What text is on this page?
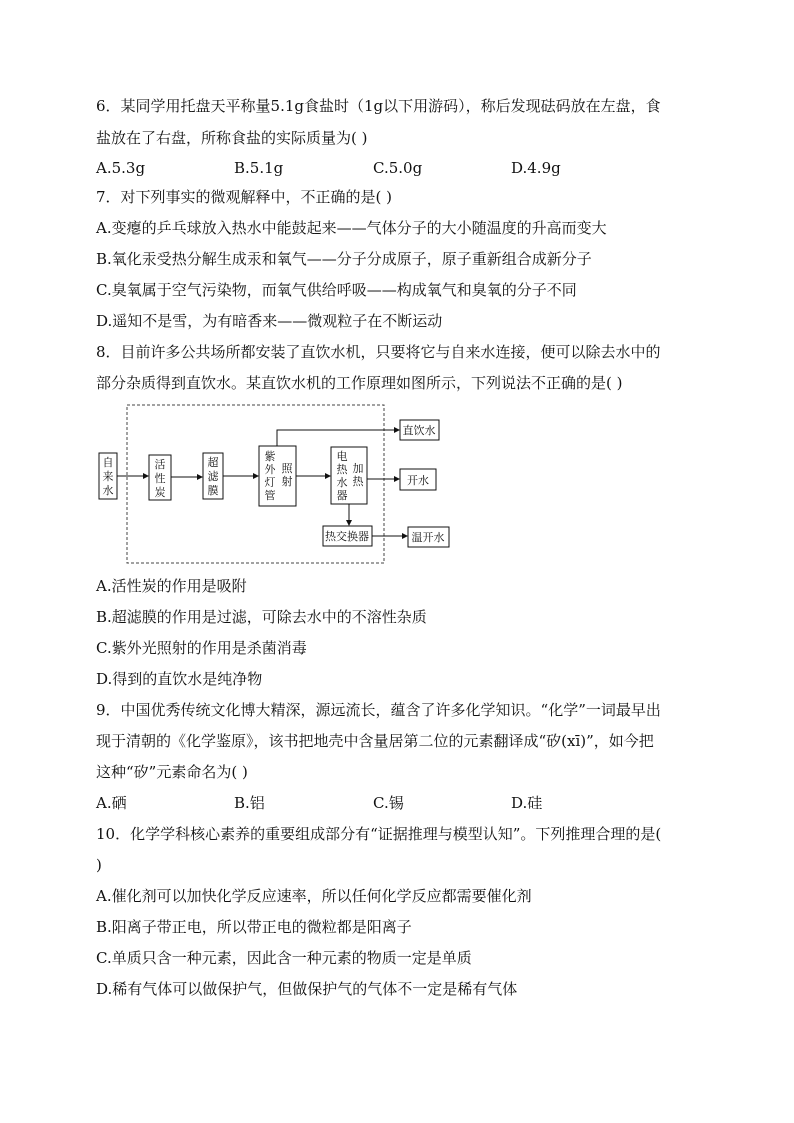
6．某同学用托盘天平称量5.1g食盐时（1g以下用游码），称后发现砝码放在左盘，食
盐放在了右盘，所称食盐的实际质量为( )
A.5.3g	B.5.1g	C.5.0g	D.4.9g
7．对下列事实的微观解释中，不正确的是( )
A.变瘪的乒乓球放入热水中能鼓起来——气体分子的大小随温度的升高而变大
B.氧化汞受热分解生成汞和氧气——分子分成原子，原子重新组合成新分子
C.臭氧属于空气污染物，而氧气供给呼吸——构成氧气和臭氧的分子不同
D.遥知不是雪，为有暗香来——微观粒子在不断运动
8．目前许多公共场所都安装了直饮水机，只要将它与自来水连接，便可以除去水中的
部分杂质得到直饮水。某直饮水机的工作原理如图所示，下列说法不正确的是( )
自
来
水
活
性
炭
超
滤
膜
紫
外
灯
管
照
射
电
热
水
器
加
热
直饮水
开水
热交换器	温开水
A.活性炭的作用是吸附
B.超滤膜的作用是过滤，可除去水中的不溶性杂质
C.紫外光照射的作用是杀菌消毒
D.得到的直饮水是纯净物
9．中国优秀传统文化博大精深，源远流长，蕴含了许多化学知识。“化学”一词最早出
现于清朝的《化学鉴原》，该书把地壳中含量居第二位的元素翻译成“矽(xī)”，如今把
这种“矽”元素命名为( )
A.硒	B.铝	C.锡	D.硅
10．化学学科核心素养的重要组成部分有“证据推理与模型认知”。下列推理合理的是(
)
A.催化剂可以加快化学反应速率，所以任何化学反应都需要催化剂
B.阳离子带正电，所以带正电的微粒都是阳离子
C.单质只含一种元素，因此含一种元素的物质一定是单质
D.稀有气体可以做保护气，但做保护气的气体不一定是稀有气体
